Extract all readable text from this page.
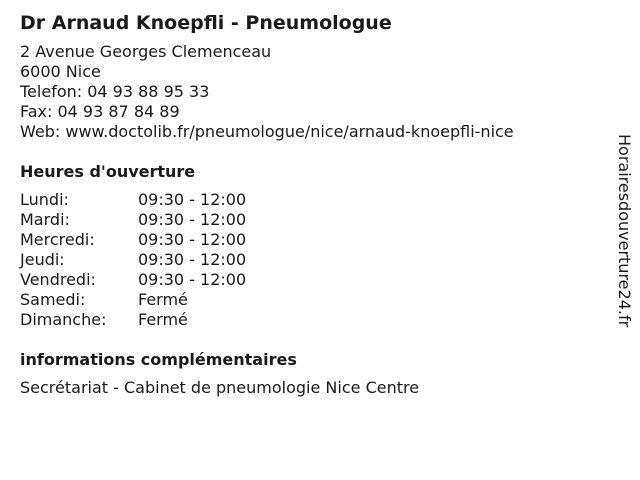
Dr Arnaud Knoepfli - Pneumologue
2 Avenue Georges Clemenceau
6000 Nice
Telefon: 04 93 88 95 33
Fax: 04 93 87 84 89
Web: www.doctolib.fr/pneumologue/nice/arnaud-knoepfli-nice
Heures d'ouverture
Lundi:	09:30 - 12:00
Mardi:	09:30 - 12:00
Mercredi:	09:30 - 12:00
Jeudi:	09:30 - 12:00
Vendredi:	09:30 - 12:00
Samedi:	Fermé
Dimanche:	Fermé
informations complémentaires
Secrétariat - Cabinet de pneumologie Nice Centre
Horairesdouverture24.fr
